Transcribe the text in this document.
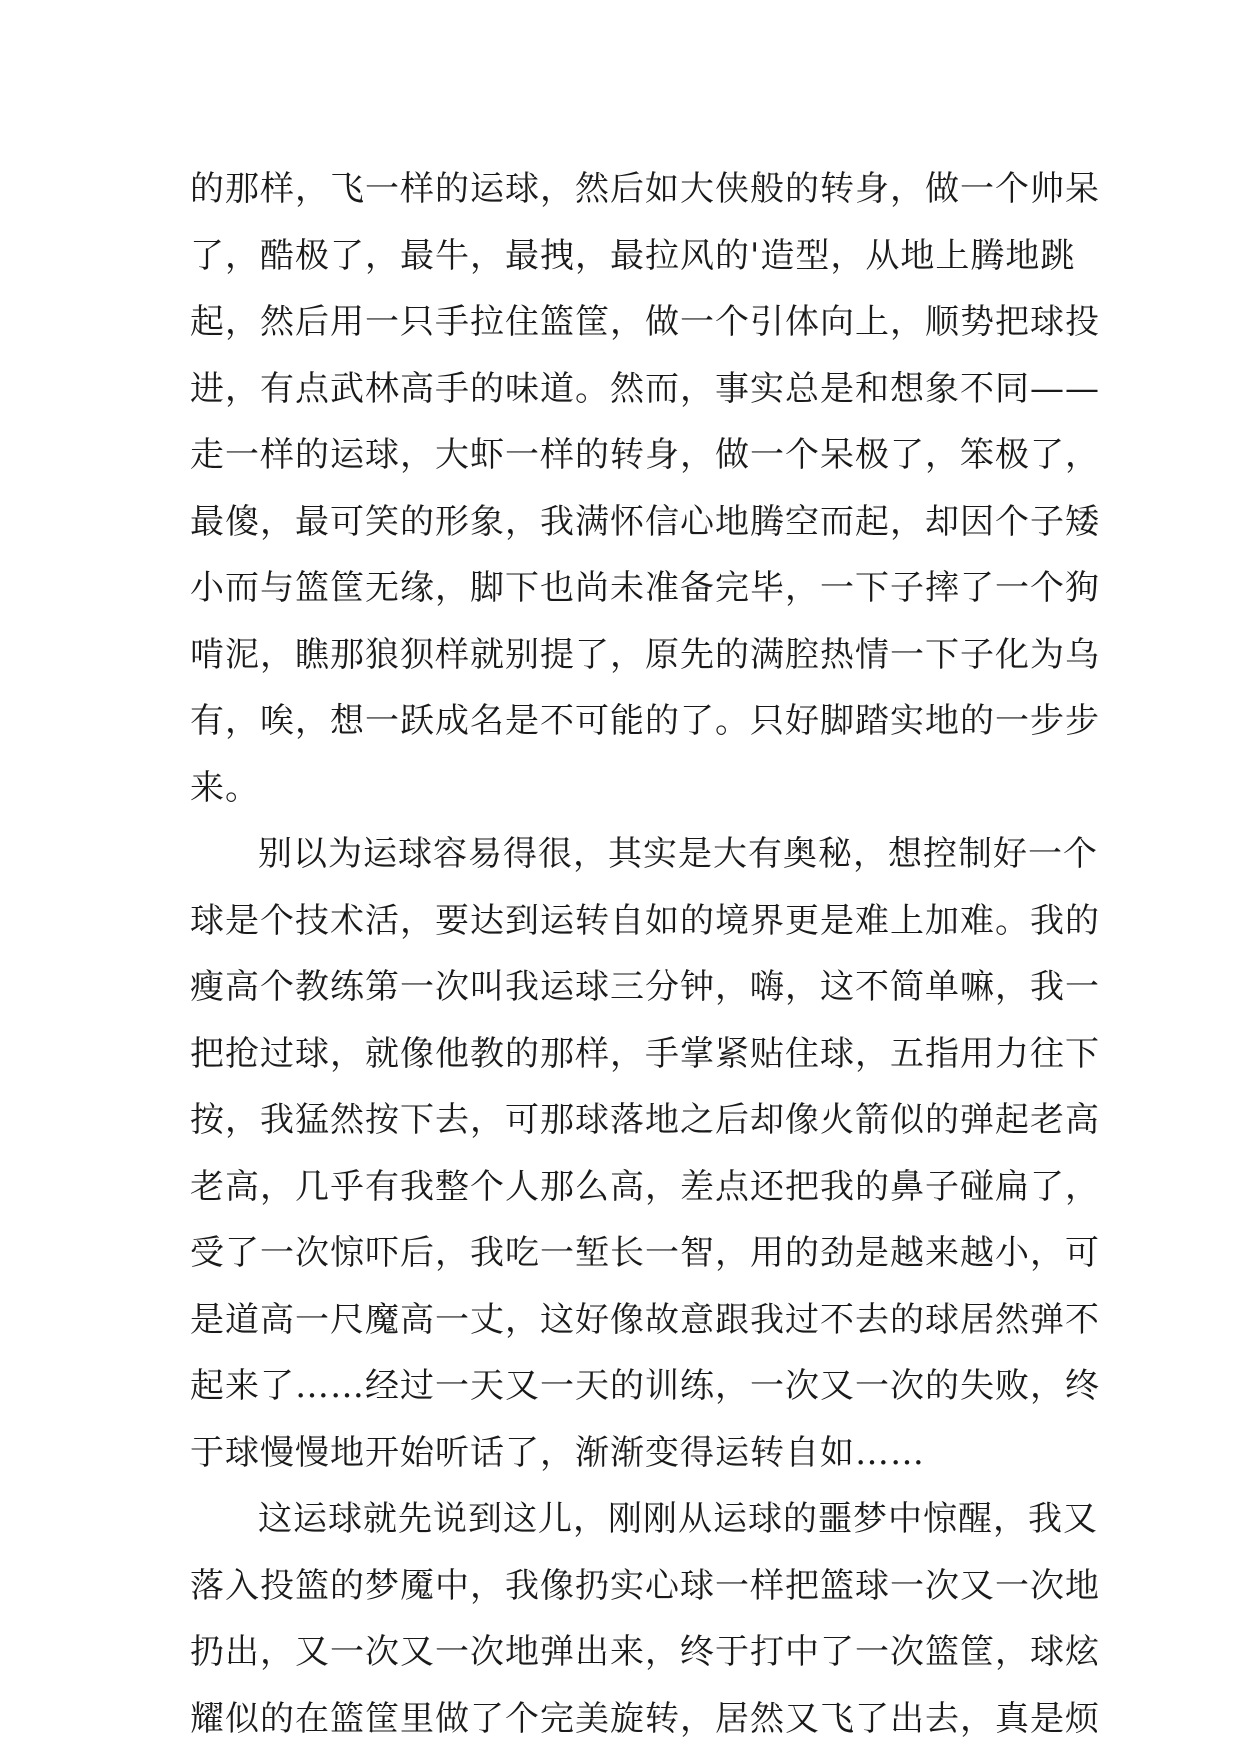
的那样，飞一样的运球，然后如大侠般的转身，做一个帅呆
了，酷极了，最牛，最拽，最拉风的'造型，从地上腾地跳
起，然后用一只手拉住篮筐，做一个引体向上，顺势把球投
进，有点武林高手的味道。然而，事实总是和想象不同——
走一样的运球，大虾一样的转身，做一个呆极了，笨极了，
最傻，最可笑的形象，我满怀信心地腾空而起，却因个子矮
小而与篮筐无缘，脚下也尚未准备完毕，一下子摔了一个狗
啃泥，瞧那狼狈样就别提了，原先的满腔热情一下子化为乌
有，唉，想一跃成名是不可能的了。只好脚踏实地的一步步
来。
别以为运球容易得很，其实是大有奥秘，想控制好一个
球是个技术活，要达到运转自如的境界更是难上加难。我的
瘦高个教练第一次叫我运球三分钟，嗨，这不简单嘛，我一
把抢过球，就像他教的那样，手掌紧贴住球，五指用力往下
按，我猛然按下去，可那球落地之后却像火箭似的弹起老高
老高，几乎有我整个人那么高，差点还把我的鼻子碰扁了，
受了一次惊吓后，我吃一堑长一智，用的劲是越来越小，可
是道高一尺魔高一丈，这好像故意跟我过不去的球居然弹不
起来了……经过一天又一天的训练，一次又一次的失败，终
于球慢慢地开始听话了，渐渐变得运转自如……
这运球就先说到这儿，刚刚从运球的噩梦中惊醒，我又
落入投篮的梦魇中，我像扔实心球一样把篮球一次又一次地
扔出，又一次又一次地弹出来，终于打中了一次篮筐，球炫
耀似的在篮筐里做了个完美旋转，居然又飞了出去，真是烦
